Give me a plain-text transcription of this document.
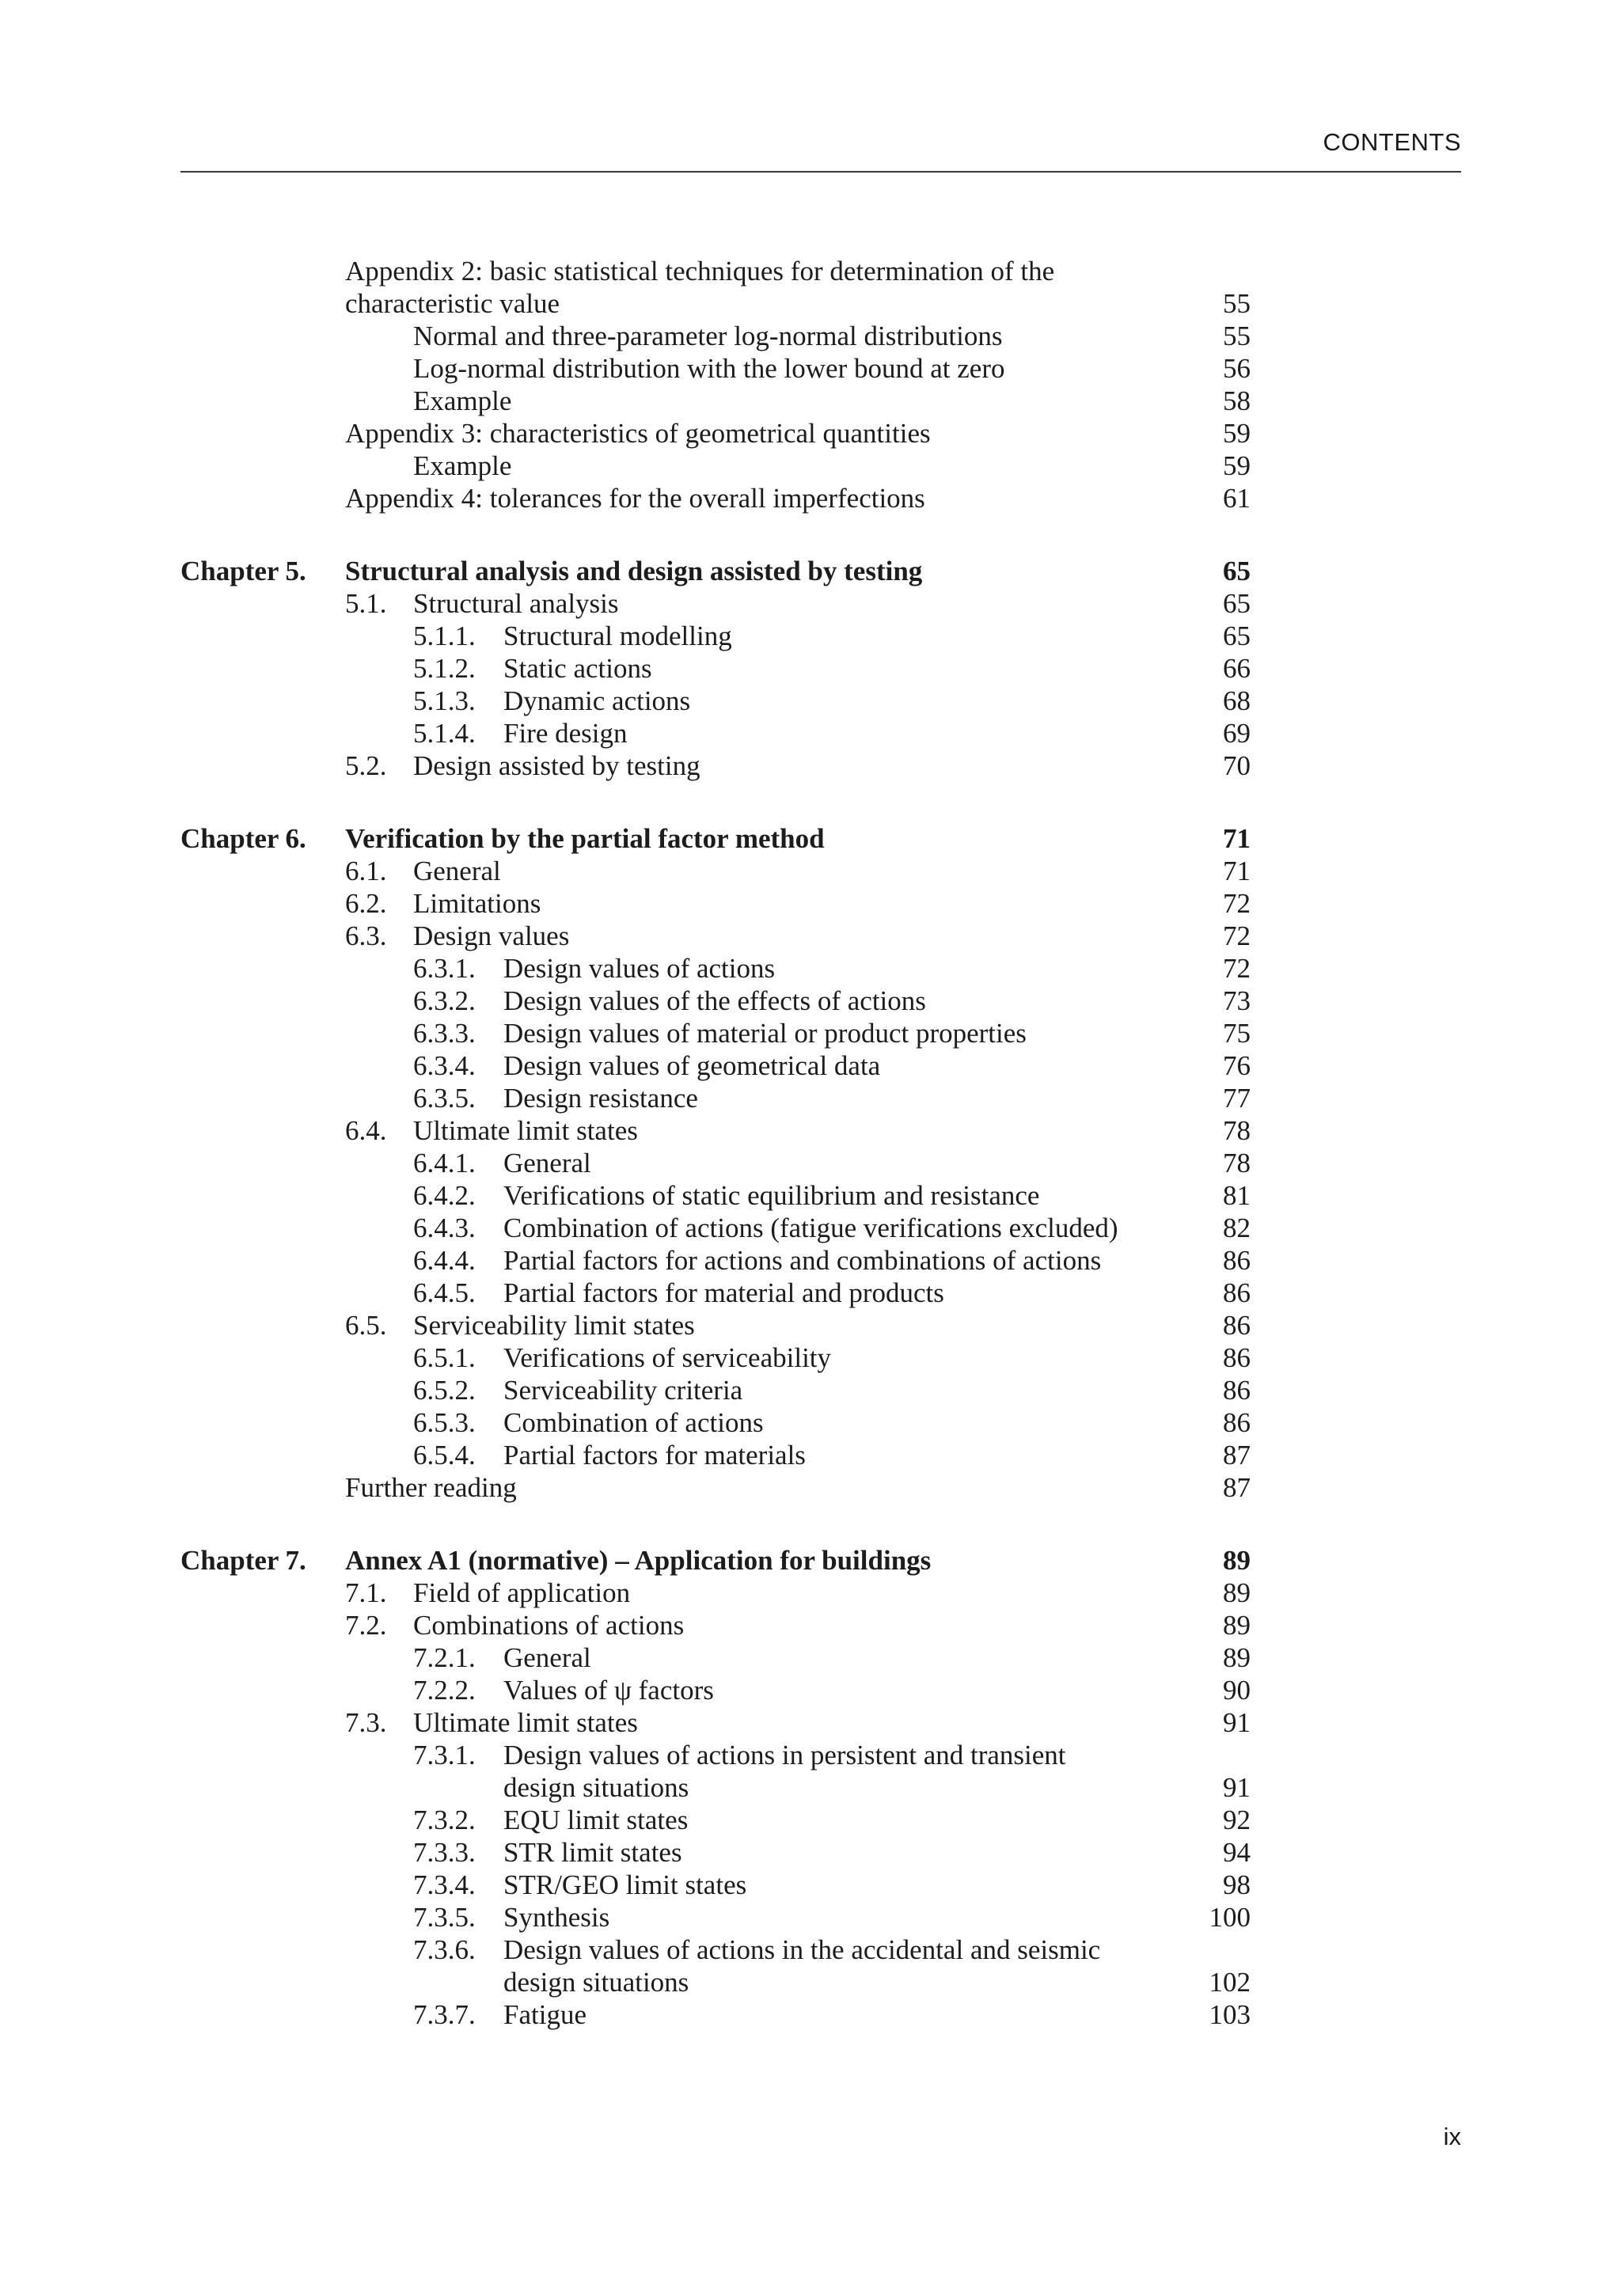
CONTENTS
Appendix 2: basic statistical techniques for determination of the
characteristic value	55
Normal and three-parameter log-normal distributions	55
Log-normal distribution with the lower bound at zero	56
Example	58
Appendix 3: characteristics of geometrical quantities	59
Example	59
Appendix 4: tolerances for the overall imperfections	61
Chapter 5. Structural analysis and design assisted by testing	65
5.1. Structural analysis	65
5.1.1. Structural modelling	65
5.1.2. Static actions	66
5.1.3. Dynamic actions	68
5.1.4. Fire design	69
5.2. Design assisted by testing	70
Chapter 6. Verification by the partial factor method	71
6.1. General	71
6.2. Limitations	72
6.3. Design values	72
6.3.1. Design values of actions	72
6.3.2. Design values of the effects of actions	73
6.3.3. Design values of material or product properties	75
6.3.4. Design values of geometrical data	76
6.3.5. Design resistance	77
6.4. Ultimate limit states	78
6.4.1. General	78
6.4.2. Verifications of static equilibrium and resistance	81
6.4.3. Combination of actions (fatigue verifications excluded)	82
6.4.4. Partial factors for actions and combinations of actions	86
6.4.5. Partial factors for material and products	86
6.5. Serviceability limit states	86
6.5.1. Verifications of serviceability	86
6.5.2. Serviceability criteria	86
6.5.3. Combination of actions	86
6.5.4. Partial factors for materials	87
Further reading	87
Chapter 7. Annex A1 (normative) – Application for buildings	89
7.1. Field of application	89
7.2. Combinations of actions	89
7.2.1. General	89
7.2.2. Values of ψ factors	90
7.3. Ultimate limit states	91
7.3.1. Design values of actions in persistent and transient
design situations	91
7.3.2. EQU limit states	92
7.3.3. STR limit states	94
7.3.4. STR/GEO limit states	98
7.3.5. Synthesis	100
7.3.6. Design values of actions in the accidental and seismic
design situations	102
7.3.7. Fatigue	103
ix
